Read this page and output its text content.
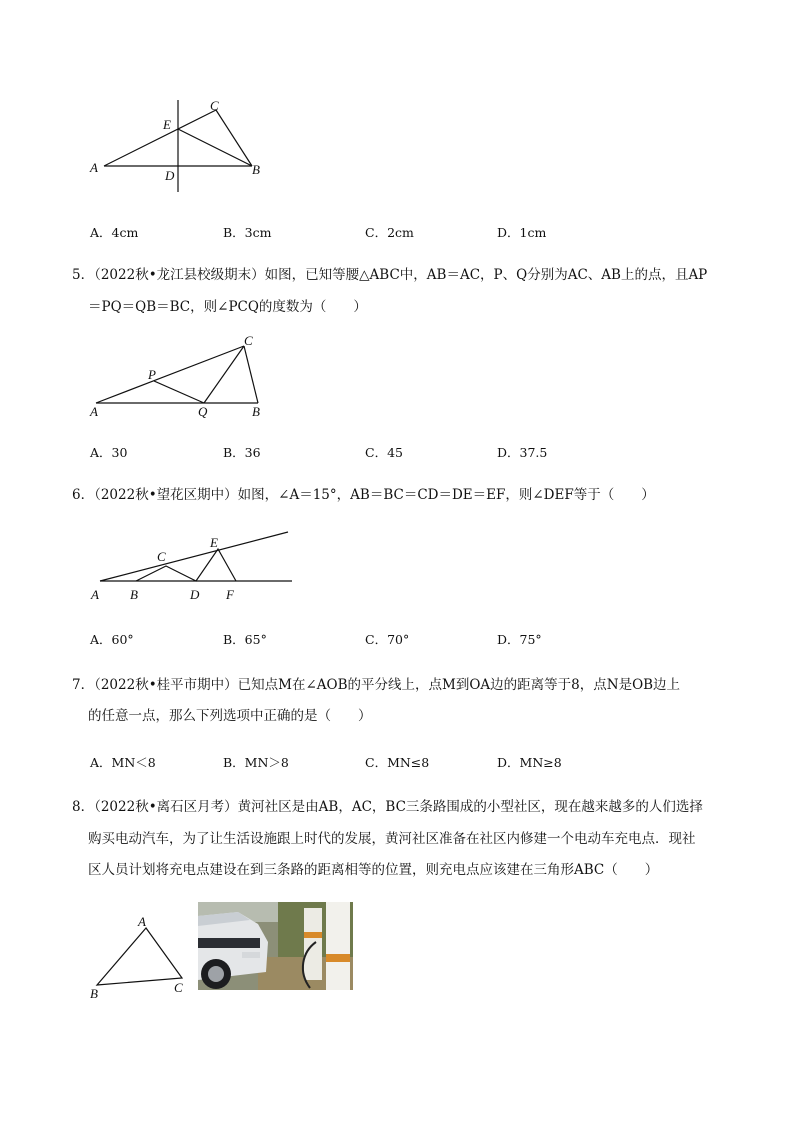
A	B
C
D
E
A．4cm	B．3cm	C．2cm	D．1cm
5．（2022秋•龙江县校级期末）如图，已知等腰△ABC中，AB＝AC，P、Q分别为AC、AB上的点，且AP
＝PQ＝QB＝BC，则∠PCQ的度数为（　　）
A	B
C
P
Q
A．30	B．36	C．45	D．37.5
6．（2022秋•望花区期中）如图，∠A＝15°，AB＝BC＝CD＝DE＝EF，则∠DEF等于（　　）
A B
C
D
E
F
A．60°	B．65°	C．70°	D．75°
7．（2022秋•桂平市期中）已知点M在∠AOB的平分线上，点M到OA边的距离等于8，点N是OB边上
的任意一点，那么下列选项中正确的是（　　）
A．MN＜8	B．MN＞8	C．MN≤8	D．MN≥8
8．（2022秋•离石区月考）黄河社区是由AB，AC，BC三条路围成的小型社区，现在越来越多的人们选择
购买电动汽车，为了让生活设施跟上时代的发展，黄河社区准备在社区内修建一个电动车充电点．现社
区人员计划将充电点建设在到三条路的距离相等的位置，则充电点应该建在三角形ABC（　　）
A
B	C
